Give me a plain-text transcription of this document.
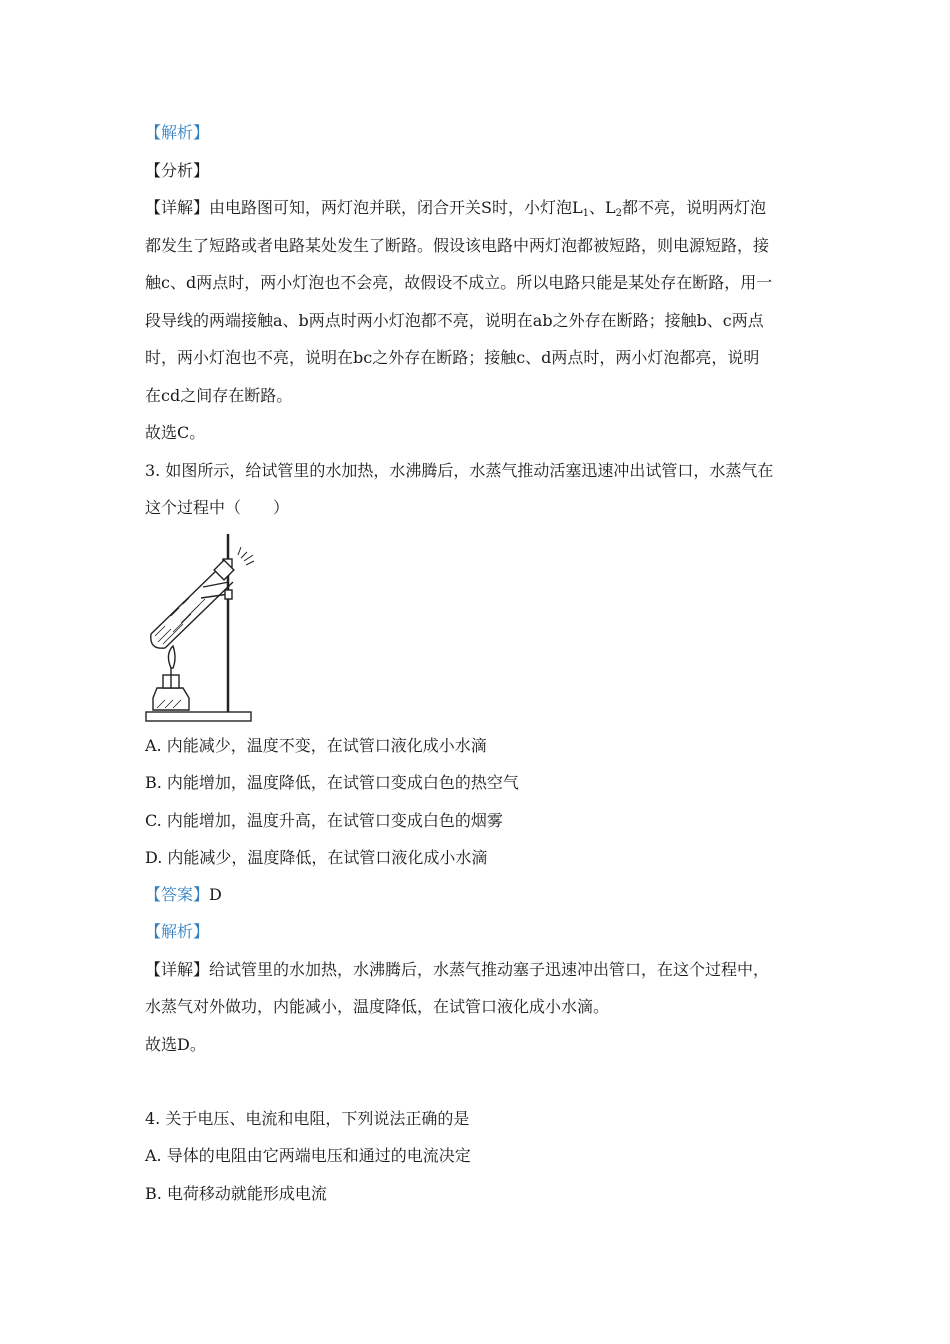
【解析】
【分析】
【详解】由电路图可知，两灯泡并联，闭合开关S时，小灯泡$L_1$、$L_2$都不亮，说明两灯泡
都发生了短路或者电路某处发生了断路。假设该电路中两灯泡都被短路，则电源短路，接
触c、d两点时，两小灯泡也不会亮，故假设不成立。所以电路只能是某处存在断路，用一
段导线的两端接触a、b两点时两小灯泡都不亮，说明在ab之外存在断路；接触b、c两点
时，两小灯泡也不亮，说明在bc之外存在断路；接触c、d两点时，两小灯泡都亮，说明
在cd之间存在断路。
故选C。
3. 如图所示，给试管里的水加热，水沸腾后，水蒸气推动活塞迅速冲出试管口，水蒸气在
这个过程中（　　）
A. 内能减少，温度不变，在试管口液化成小水滴
B. 内能增加，温度降低，在试管口变成白色的热空气
C. 内能增加，温度升高，在试管口变成白色的烟雾
D. 内能减少，温度降低，在试管口液化成小水滴
【答案】D
【解析】
【详解】给试管里的水加热，水沸腾后，水蒸气推动塞子迅速冲出管口，在这个过程中，
水蒸气对外做功，内能减小，温度降低，在试管口液化成小水滴。
故选D。
4. 关于电压、电流和电阻，下列说法正确的是
A. 导体的电阻由它两端电压和通过的电流决定
B. 电荷移动就能形成电流
